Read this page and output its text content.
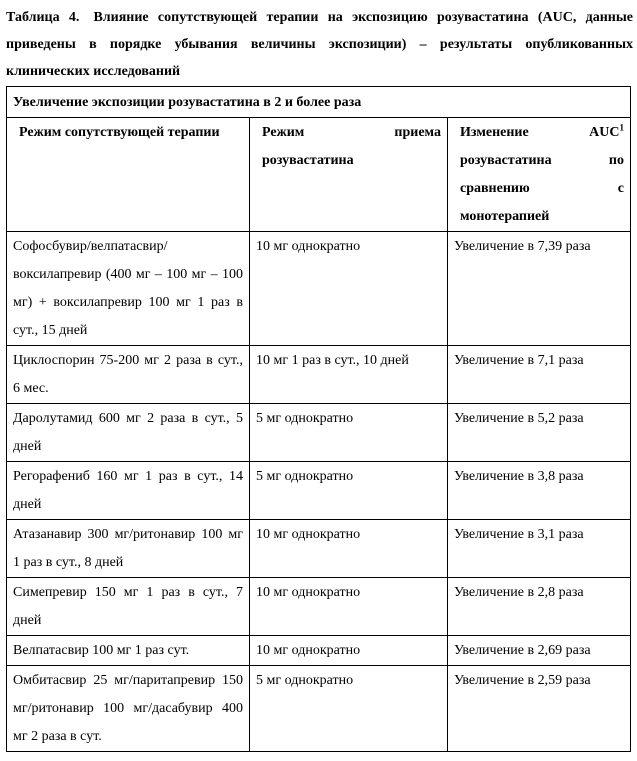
Таблица 4. Влияние сопутствующей терапии на экспозицию розувастатина (AUC, данные приведены в порядке убывания величины экспозиции) – результаты опубликованных клинических исследований
Увеличение экспозиции розувастатина в 2 и более раза		

Режим сопутствующей терапии	Режим приема розувастатина	Изменение AUC$^1$ розувастатина по сравнению с монотерапией

Софосбувир/велпатасвир/воксилапревир (400 мг – 100 мг – 100 мг) + воксилапревир 100 мг 1 раз в сут., 15 дней	10 мг однократно	Увеличение в 7,39 раза
Циклоспорин 75-200 мг 2 раза в сут., 6 мес.	10 мг 1 раз в сут., 10 дней	Увеличение в 7,1 раза
Даролутамид 600 мг 2 раза в сут., 5 дней	5 мг однократно	Увеличение в 5,2 раза
Регорафениб 160 мг 1 раз в сут., 14 дней	5 мг однократно	Увеличение в 3,8 раза
Атазанавир 300 мг/ритонавир 100 мг 1 раз в сут., 8 дней	10 мг однократно	Увеличение в 3,1 раза
Симепревир 150 мг 1 раз в сут., 7 дней	10 мг однократно	Увеличение в 2,8 раза
Велпатасвир 100 мг 1 раз сут.	10 мг однократно	Увеличение в 2,69 раза
Омбитасвир 25 мг/паритапревир 150 мг/ритонавир 100 мг/дасабувир 400 мг 2 раза в сут.	5 мг однократно	Увеличение в 2,59 раза
